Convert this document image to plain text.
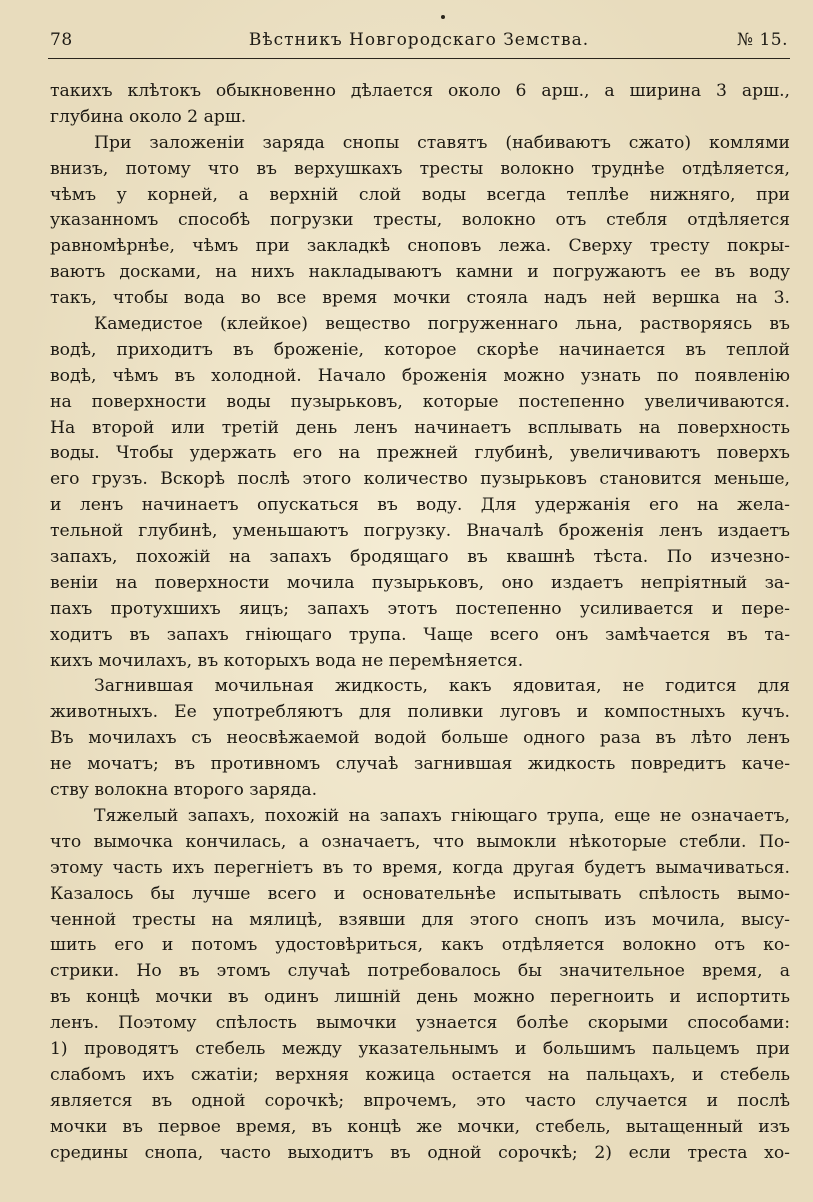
78	Вѣстникъ Новгородскаго Земства.	№ 15.
такихъ клѣтокъ обыкновенно дѣлается около 6 арш., а ширина 3 арш.,
глубина около 2 арш.
При заложеніи заряда снопы ставятъ (набиваютъ сжато) комлями
внизъ, потому что въ верхушкахъ тресты волокно труднѣе отдѣляется,
чѣмъ у корней, а верхній слой воды всегда теплѣе нижняго, при
указанномъ способѣ погрузки тресты, волокно отъ стебля отдѣляется
равномѣрнѣе, чѣмъ при закладкѣ сноповъ лежа. Сверху тресту покры-
ваютъ досками, на нихъ накладываютъ камни и погружаютъ ее въ воду
такъ, чтобы вода во все время мочки стояла надъ ней вершка на 3.
Камедистое (клейкое) вещество погруженнаго льна, растворяясь въ
водѣ, приходитъ въ броженіе, которое скорѣе начинается въ теплой
водѣ, чѣмъ въ холодной. Начало броженія можно узнать по появленію
на поверхности воды пузырьковъ, которые постепенно увеличиваются.
На второй или третій день ленъ начинаетъ всплывать на поверхность
воды. Чтобы удержать его на прежней глубинѣ, увеличиваютъ поверхъ
его грузъ. Вскорѣ послѣ этого количество пузырьковъ становится меньше,
и ленъ начинаетъ опускаться въ воду. Для удержанія его на жела-
тельной глубинѣ, уменьшаютъ погрузку. Вначалѣ броженія ленъ издаетъ
запахъ, похожій на запахъ бродящаго въ квашнѣ тѣста. По изчезно-
веніи на поверхности мочила пузырьковъ, оно издаетъ непріятный за-
пахъ протухшихъ яицъ; запахъ этотъ постепенно усиливается и пере-
ходитъ въ запахъ гніющаго трупа. Чаще всего онъ замѣчается въ та-
кихъ мочилахъ, въ которыхъ вода не перемѣняется.
Загнившая мочильная жидкость, какъ ядовитая, не годится для
животныхъ. Ее употребляютъ для поливки луговъ и компостныхъ кучъ.
Въ мочилахъ съ неосвѣжаемой водой больше одного раза въ лѣто ленъ
не мочатъ; въ противномъ случаѣ загнившая жидкость повредитъ каче-
ству волокна второго заряда.
Тяжелый запахъ, похожій на запахъ гніющаго трупа, еще не означаетъ,
что вымочка кончилась, а означаетъ, что вымокли нѣкоторые стебли. По-
этому часть ихъ перегніетъ въ то время, когда другая будетъ вымачиваться.
Казалось бы лучше всего и основательнѣе испытывать спѣлость вымо-
ченной тресты на мялицѣ, взявши для этого снопъ изъ мочила, высу-
шить его и потомъ удостовѣриться, какъ отдѣляется волокно отъ ко-
стрики. Но въ этомъ случаѣ потребовалось бы значительное время, а
въ концѣ мочки въ одинъ лишній день можно перегноить и испортить
ленъ. Поэтому спѣлость вымочки узнается болѣе скорыми способами:
1) проводятъ стебель между указательнымъ и большимъ пальцемъ при
слабомъ ихъ сжатіи; верхняя кожица остается на пальцахъ, и стебель
является въ одной сорочкѣ; впрочемъ, это часто случается и послѣ
мочки въ первое время, въ концѣ же мочки, стебель, вытащенный изъ
средины снопа, часто выходитъ въ одной сорочкѣ; 2) если треста хо-
